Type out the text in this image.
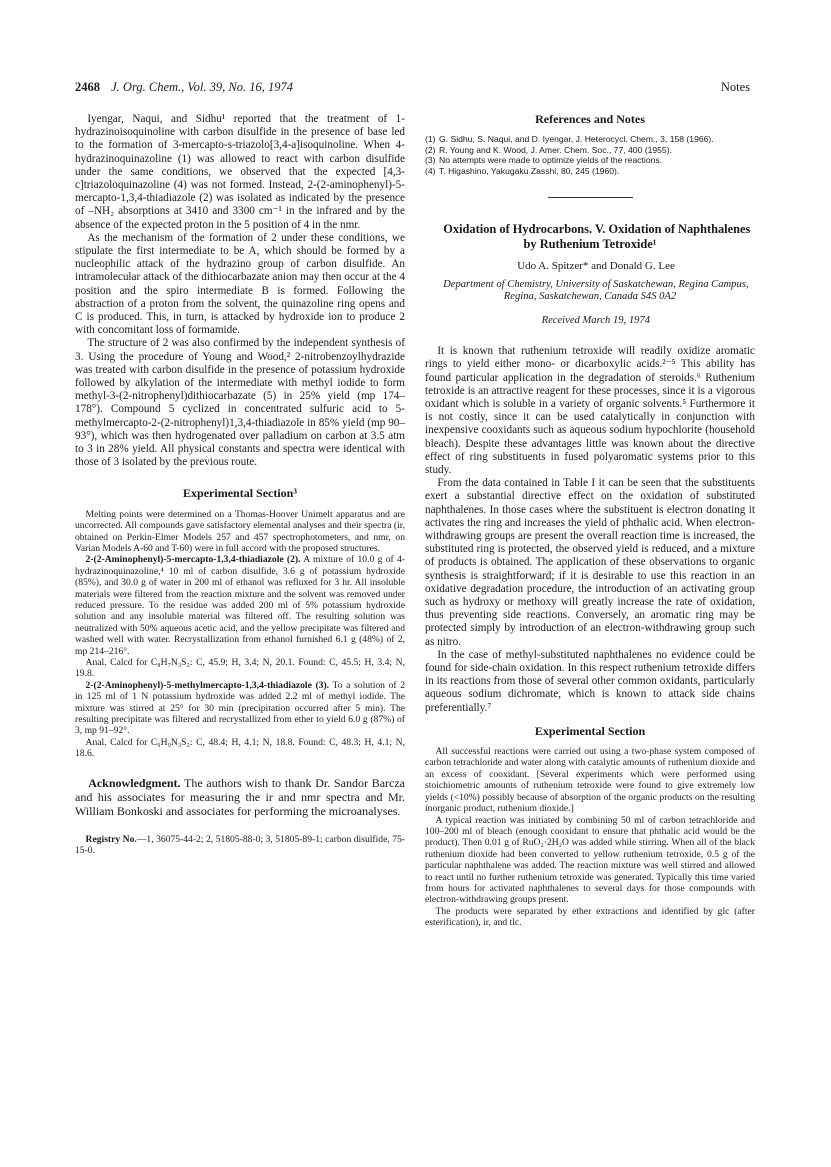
2468 J. Org. Chem., Vol. 39, No. 16, 1974	Notes

Iyengar, Naqui, and Sidhu¹ reported that the treatment of 1-hydrazinoisoquinoline with carbon disulfide in the presence of base led to the formation of 3-mercapto-s-triazolo[3,4-a]isoquinoline. When 4-hydrazinoquinazoline (1) was allowed to react with carbon disulfide under the same conditions, we observed that the expected [4,3-c]triazoloquinazoline (4) was not formed. Instead, 2-(2-aminophenyl)-5-mercapto-1,3,4-thiadiazole (2) was isolated as indicated by the presence of –NH₂ absorptions at 3410 and 3300 cm⁻¹ in the infrared and by the absence of the expected proton in the 5 position of 4 in the nmr.

As the mechanism of the formation of 2 under these conditions, we stipulate the first intermediate to be A, which should be formed by a nucleophilic attack of the hydrazino group of carbon disulfide. An intramolecular attack of the dithiocarbazate anion may then occur at the 4 position and the spiro intermediate B is formed. Following the abstraction of a proton from the solvent, the quinazoline ring opens and C is produced. This, in turn, is attacked by hydroxide ion to produce 2 with concomitant loss of formamide.

The structure of 2 was also confirmed by the independent synthesis of 3. Using the procedure of Young and Wood,² 2-nitrobenzoylhydrazide was treated with carbon disulfide in the presence of potassium hydroxide followed by alkylation of the intermediate with methyl iodide to form methyl-3-(2-nitrophenyl)dithiocarbazate (5) in 25% yield (mp 174–178°). Compound 5 cyclized in concentrated sulfuric acid to 5-methylmercapto-2-(2-nitrophenyl)1,3,4-thiadiazole in 85% yield (mp 90–93°), which was then hydrogenated over palladium on carbon at 3.5 atm to 3 in 28% yield. All physical constants and spectra were identical with those of 3 isolated by the previous route.

Experimental Section³

Melting points were determined on a Thomas-Hoover Unimelt apparatus and are uncorrected. All compounds gave satisfactory elemental analyses and their spectra (ir, obtained on Perkin-Elmer Models 257 and 457 spectrophotometers, and nmr, on Varian Models A-60 and T-60) were in full accord with the proposed structures.

2-(2-Aminophenyl)-5-mercapto-1,3,4-thiadiazole (2). A mixture of 10.0 g of 4-hydrazinoquinazoline,⁴ 10 ml of carbon disulfide, 3.6 g of potassium hydroxide (85%), and 30.0 g of water in 200 ml of ethanol was refluxed for 3 hr. All insoluble materials were filtered from the reaction mixture and the solvent was removed under reduced pressure. To the residue was added 200 ml of 5% potassium hydroxide solution and any insoluble material was filtered off. The resulting solution was neutralized with 50% aqueous acetic acid, and the yellow precipitate was filtered and washed well with water. Recrystallization from ethanol furnished 6.1 g (48%) of 2, mp 214–216°.

Anal. Calcd for C₈H₇N₃S₂: C, 45.9; H, 3.4; N, 20.1. Found: C, 45.5; H, 3.4; N, 19.8.

2-(2-Aminophenyl)-5-methylmercapto-1,3,4-thiadiazole (3). To a solution of 2 in 125 ml of 1 N potassium hydroxide was added 2.2 ml of methyl iodide. The mixture was stirred at 25° for 30 min (precipitation occurred after 5 min). The resulting precipitate was filtered and recrystallized from ether to yield 6.0 g (87%) of 3, mp 91–92°.

Anal. Calcd for C₉H₉N₃S₂: C, 48.4; H, 4.1; N, 18.8. Found: C, 48.3; H, 4.1; N, 18.6.

Acknowledgment. The authors wish to thank Dr. Sandor Barcza and his associates for measuring the ir and nmr spectra and Mr. William Bonkoski and associates for performing the microanalyses.

Registry No.—1, 36075-44-2; 2, 51805-88-0; 3, 51805-89-1; carbon disulfide, 75-15-0.

References and Notes

(1) G. Sidhu, S. Naqui, and D. Iyengar, J. Heterocycl. Chem., 3, 158 (1966).

(2) R. Young and K. Wood, J. Amer. Chem. Soc., 77, 400 (1955).

(3) No attempts were made to optimize yields of the reactions.

(4) T. Higashino, Yakugaku Zasshi, 80, 245 (1960).

Oxidation of Hydrocarbons. V. Oxidation of Naphthalenes by Ruthenium Tetroxide¹

Udo A. Spitzer* and Donald G. Lee

Department of Chemistry, University of Saskatchewan, Regina Campus, Regina, Saskatchewan, Canada S4S 0A2

Received March 19, 1974

It is known that ruthenium tetroxide will readily oxidize aromatic rings to yield either mono- or dicarboxylic acids.²⁻⁵ This ability has found particular application in the degradation of steroids.⁶ Ruthenium tetroxide is an attractive reagent for these processes, since it is a vigorous oxidant which is soluble in a variety of organic solvents.⁵ Furthermore it is not costly, since it can be used catalytically in conjunction with inexpensive cooxidants such as aqueous sodium hypochlorite (household bleach). Despite these advantages little was known about the directive effect of ring substituents in fused polyaromatic systems prior to this study.

From the data contained in Table I it can be seen that the substituents exert a substantial directive effect on the oxidation of substituted naphthalenes. In those cases where the substituent is electron donating it activates the ring and increases the yield of phthalic acid. When electron-withdrawing groups are present the overall reaction time is increased, the substituted ring is protected, the observed yield is reduced, and a mixture of products is obtained. The application of these observations to organic synthesis is straightforward; if it is desirable to use this reaction in an oxidative degradation procedure, the introduction of an activating group such as hydroxy or methoxy will greatly increase the rate of oxidation, thus preventing side reactions. Conversely, an aromatic ring may be protected simply by introduction of an electron-withdrawing group such as nitro.

In the case of methyl-substituted naphthalenes no evidence could be found for side-chain oxidation. In this respect ruthenium tetroxide differs in its reactions from those of several other common oxidants, particularly aqueous sodium dichromate, which is known to attack side chains preferentially.⁷

Experimental Section

All successful reactions were carried out using a two-phase system composed of carbon tetrachloride and water along with catalytic amounts of ruthenium dioxide and an excess of cooxidant. [Several experiments which were performed using stoichiometric amounts of ruthenium tetroxide were found to give extremely low yields (<10%) possibly because of absorption of the organic products on the resulting inorganic product, ruthenium dioxide.]

A typical reaction was initiated by combining 50 ml of carbon tetrachloride and 100–200 ml of bleach (enough cooxidant to ensure that phthalic acid would be the product). Then 0.01 g of RuO₂·2H₂O was added while stirring. When all of the black ruthenium dioxide had been converted to yellow ruthenium tetroxide, 0.5 g of the particular naphthalene was added. The reaction mixture was well stirred and allowed to react until no further ruthenium tetroxide was generated. Typically this time varied from hours for activated naphthalenes to several days for those compounds with electron-withdrawing groups present.

The products were separated by ether extractions and identified by glc (after esterification), ir, and tlc.
